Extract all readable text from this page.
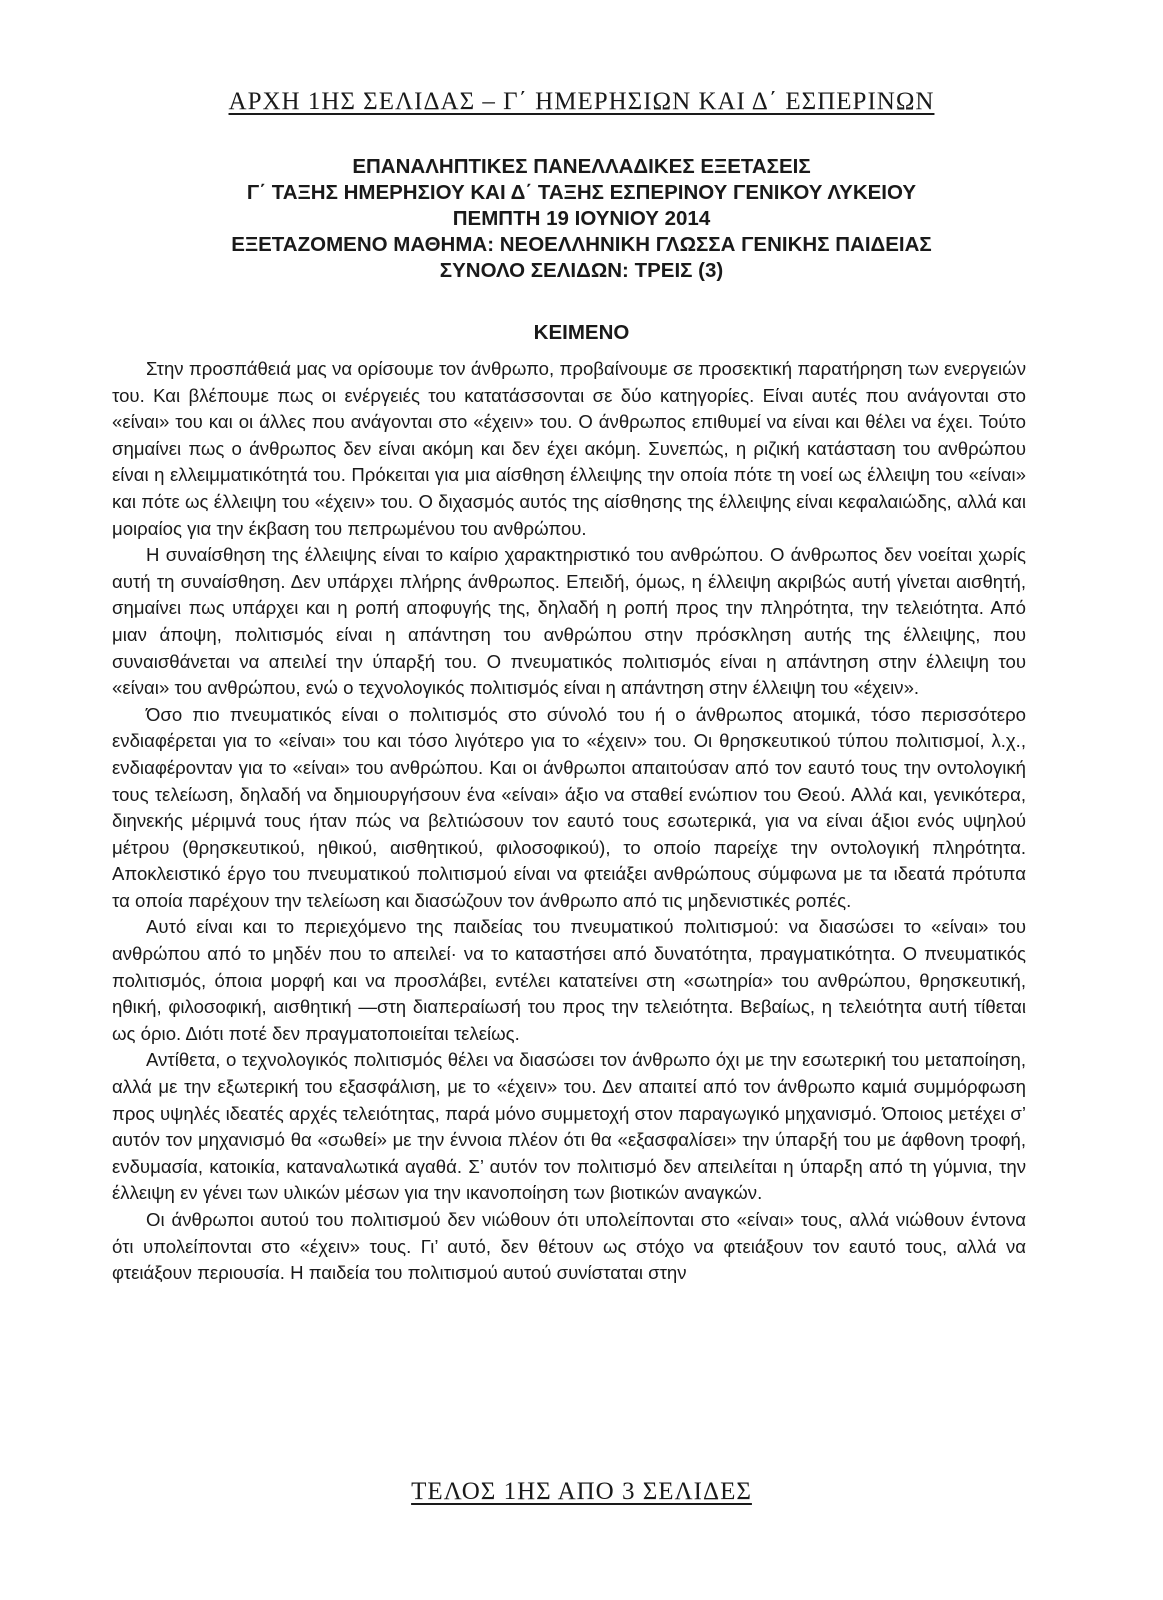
ΑΡΧΗ 1ΗΣ ΣΕΛΙΔΑΣ – Γ΄ ΗΜΕΡΗΣΙΩΝ ΚΑΙ Δ΄ ΕΣΠΕΡΙΝΩΝ
ΕΠΑΝΑΛΗΠΤΙΚΕΣ ΠΑΝΕΛΛΑΔΙΚΕΣ ΕΞΕΤΑΣΕΙΣ
Γ΄ ΤΑΞΗΣ ΗΜΕΡΗΣΙΟΥ ΚΑΙ Δ΄ ΤΑΞΗΣ ΕΣΠΕΡΙΝΟΥ ΓΕΝΙΚΟΥ ΛΥΚΕΙΟΥ
ΠΕΜΠΤΗ 19 ΙΟΥΝΙΟΥ 2014
ΕΞΕΤΑΖΟΜΕΝΟ ΜΑΘΗΜΑ: ΝΕΟΕΛΛΗΝΙΚΗ ΓΛΩΣΣΑ ΓΕΝΙΚΗΣ ΠΑΙΔΕΙΑΣ
ΣΥΝΟΛΟ ΣΕΛΙΔΩΝ: ΤΡΕΙΣ (3)
ΚΕΙΜΕΝΟ

Στην προσπάθειά μας να ορίσουμε τον άνθρωπο, προβαίνουμε σε προσεκτική παρατήρηση των ενεργειών του. Και βλέπουμε πως οι ενέργειές του κατατάσσονται σε δύο κατηγορίες. Είναι αυτές που ανάγονται στο «είναι» του και οι άλλες που ανάγονται στο «έχειν» του. Ο άνθρωπος επιθυμεί να είναι και θέλει να έχει. Τούτο σημαίνει πως ο άνθρωπος δεν είναι ακόμη και δεν έχει ακόμη. Συνεπώς, η ριζική κατάσταση του ανθρώπου είναι η ελλειμματικότητά του. Πρόκειται για μια αίσθηση έλλειψης την οποία πότε τη νοεί ως έλλειψη του «είναι» και πότε ως έλλειψη του «έχειν» του. Ο διχασμός αυτός της αίσθησης της έλλειψης είναι κεφαλαιώδης, αλλά και μοιραίος για την έκβαση του πεπρωμένου του ανθρώπου.

Η συναίσθηση της έλλειψης είναι το καίριο χαρακτηριστικό του ανθρώπου. Ο άνθρωπος δεν νοείται χωρίς αυτή τη συναίσθηση. Δεν υπάρχει πλήρης άνθρωπος. Επειδή, όμως, η έλλειψη ακριβώς αυτή γίνεται αισθητή, σημαίνει πως υπάρχει και η ροπή αποφυγής της, δηλαδή η ροπή προς την πληρότητα, την τελειότητα. Από μιαν άποψη, πολιτισμός είναι η απάντηση του ανθρώπου στην πρόσκληση αυτής της έλλειψης, που συναισθάνεται να απειλεί την ύπαρξή του. Ο πνευματικός πολιτισμός είναι η απάντηση στην έλλειψη του «είναι» του ανθρώπου, ενώ ο τεχνολογικός πολιτισμός είναι η απάντηση στην έλλειψη του «έχειν».

Όσο πιο πνευματικός είναι ο πολιτισμός στο σύνολό του ή ο άνθρωπος ατομικά, τόσο περισσότερο ενδιαφέρεται για το «είναι» του και τόσο λιγότερο για το «έχειν» του. Οι θρησκευτικού τύπου πολιτισμοί, λ.χ., ενδιαφέρονταν για το «είναι» του ανθρώπου. Και οι άνθρωποι απαιτούσαν από τον εαυτό τους την οντολογική τους τελείωση, δηλαδή να δημιουργήσουν ένα «είναι» άξιο να σταθεί ενώπιον του Θεού. Αλλά και, γενικότερα, διηνεκής μέριμνά τους ήταν πώς να βελτιώσουν τον εαυτό τους εσωτερικά, για να είναι άξιοι ενός υψηλού μέτρου (θρησκευτικού, ηθικού, αισθητικού, φιλοσοφικού), το οποίο παρείχε την οντολογική πληρότητα. Αποκλειστικό έργο του πνευματικού πολιτισμού είναι να φτειάξει ανθρώπους σύμφωνα με τα ιδεατά πρότυπα τα οποία παρέχουν την τελείωση και διασώζουν τον άνθρωπο από τις μηδενιστικές ροπές.

Αυτό είναι και το περιεχόμενο της παιδείας του πνευματικού πολιτισμού: να διασώσει το «είναι» του ανθρώπου από το μηδέν που το απειλεί· να το καταστήσει από δυνατότητα, πραγματικότητα. Ο πνευματικός πολιτισμός, όποια μορφή και να προσλάβει, εντέλει κατατείνει στη «σωτηρία» του ανθρώπου, θρησκευτική, ηθική, φιλοσοφική, αισθητική —στη διαπεραίωσή του προς την τελειότητα. Βεβαίως, η τελειότητα αυτή τίθεται ως όριο. Διότι ποτέ δεν πραγματοποιείται τελείως.

Αντίθετα, ο τεχνολογικός πολιτισμός θέλει να διασώσει τον άνθρωπο όχι με την εσωτερική του μεταποίηση, αλλά με την εξωτερική του εξασφάλιση, με το «έχειν» του. Δεν απαιτεί από τον άνθρωπο καμιά συμμόρφωση προς υψηλές ιδεατές αρχές τελειότητας, παρά μόνο συμμετοχή στον παραγωγικό μηχανισμό. Όποιος μετέχει σ’ αυτόν τον μηχανισμό θα «σωθεί» με την έννοια πλέον ότι θα «εξασφαλίσει» την ύπαρξή του με άφθονη τροφή, ενδυμασία, κατοικία, καταναλωτικά αγαθά. Σ’ αυτόν τον πολιτισμό δεν απειλείται η ύπαρξη από τη γύμνια, την έλλειψη εν γένει των υλικών μέσων για την ικανοποίηση των βιοτικών αναγκών.

Οι άνθρωποι αυτού του πολιτισμού δεν νιώθουν ότι υπολείπονται στο «είναι» τους, αλλά νιώθουν έντονα ότι υπολείπονται στο «έχειν» τους. Γι’ αυτό, δεν θέτουν ως στόχο να φτειάξουν τον εαυτό τους, αλλά να φτειάξουν περιουσία. Η παιδεία του πολιτισμού αυτού συνίσταται στην

ΤΕΛΟΣ 1ΗΣ ΑΠΟ 3 ΣΕΛΙΔΕΣ
